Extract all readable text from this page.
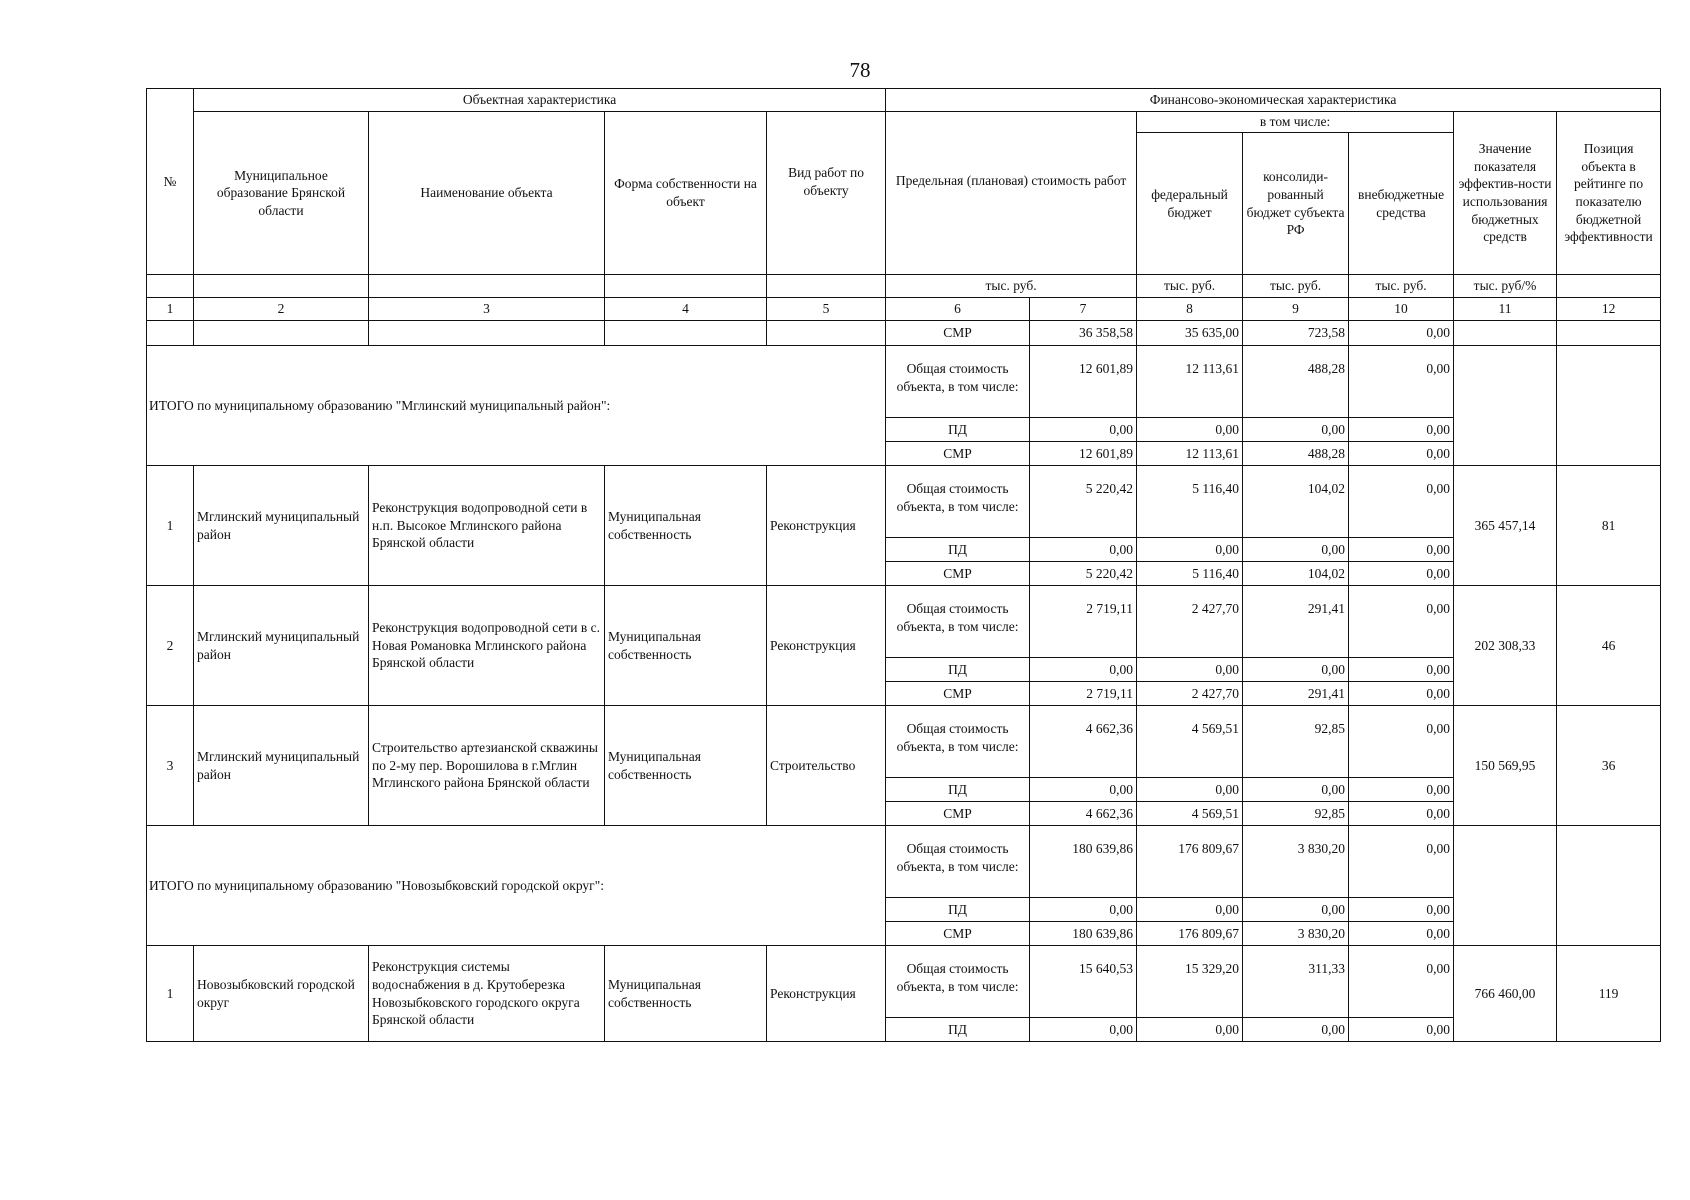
78
№	Объектная характеристика				Финансово-экономическая характеристика						
	Муниципальное образование Брянской области	Наименование объекта	Форма собственности на объект	Вид работ по объекту	Предельная (плановая) стоимость работ		в том числе:			Значение показателя эффектив-ности использования бюджетных средств	Позиция объекта в рейтинге по показателю бюджетной эффективности
							федеральный бюджет	консолиди-рованный бюджет субъекта РФ	внебюджетные средства		
					тыс. руб.		тыс. руб.	тыс. руб.	тыс. руб.	тыс. руб/%	
1	2	3	4	5	6	7	8	9	10	11	12
					СМР	36 358,58	35 635,00	723,58	0,00		
ИТОГО по муниципальному образованию "Мглинский муниципальный район":					Общая стоимость объекта, в том числе:	12 601,89	12 113,61	488,28	0,00		
					ПД	0,00	0,00	0,00	0,00		
					СМР	12 601,89	12 113,61	488,28	0,00		
1	Мглинский муниципальный район	Реконструкция водопроводной сети в н.п. Высокое Мглинского района Брянской области	Муниципальная собственность	Реконструкция	Общая стоимость объекта, в том числе:	5 220,42	5 116,40	104,02	0,00	365 457,14	81
					ПД	0,00	0,00	0,00	0,00		
					СМР	5 220,42	5 116,40	104,02	0,00		
2	Мглинский муниципальный район	Реконструкция водопроводной сети в с. Новая Романовка Мглинского района Брянской области	Муниципальная собственность	Реконструкция	Общая стоимость объекта, в том числе:	2 719,11	2 427,70	291,41	0,00	202 308,33	46
					ПД	0,00	0,00	0,00	0,00		
					СМР	2 719,11	2 427,70	291,41	0,00		
3	Мглинский муниципальный район	Строительство артезианской скважины по 2-му пер. Ворошилова в г.Мглин Мглинского района Брянской области	Муниципальная собственность	Строительство	Общая стоимость объекта, в том числе:	4 662,36	4 569,51	92,85	0,00	150 569,95	36
					ПД	0,00	0,00	0,00	0,00		
					СМР	4 662,36	4 569,51	92,85	0,00		
ИТОГО по муниципальному образованию "Новозыбковский городской округ":					Общая стоимость объекта, в том числе:	180 639,86	176 809,67	3 830,20	0,00		
					ПД	0,00	0,00	0,00	0,00		
					СМР	180 639,86	176 809,67	3 830,20	0,00		
1	Новозыбковский городской округ	Реконструкция системы водоснабжения в д. Крутоберезка Новозыбковского городского округа Брянской области	Муниципальная собственность	Реконструкция	Общая стоимость объекта, в том числе:	15 640,53	15 329,20	311,33	0,00	766 460,00	119
					ПД	0,00	0,00	0,00	0,00		
